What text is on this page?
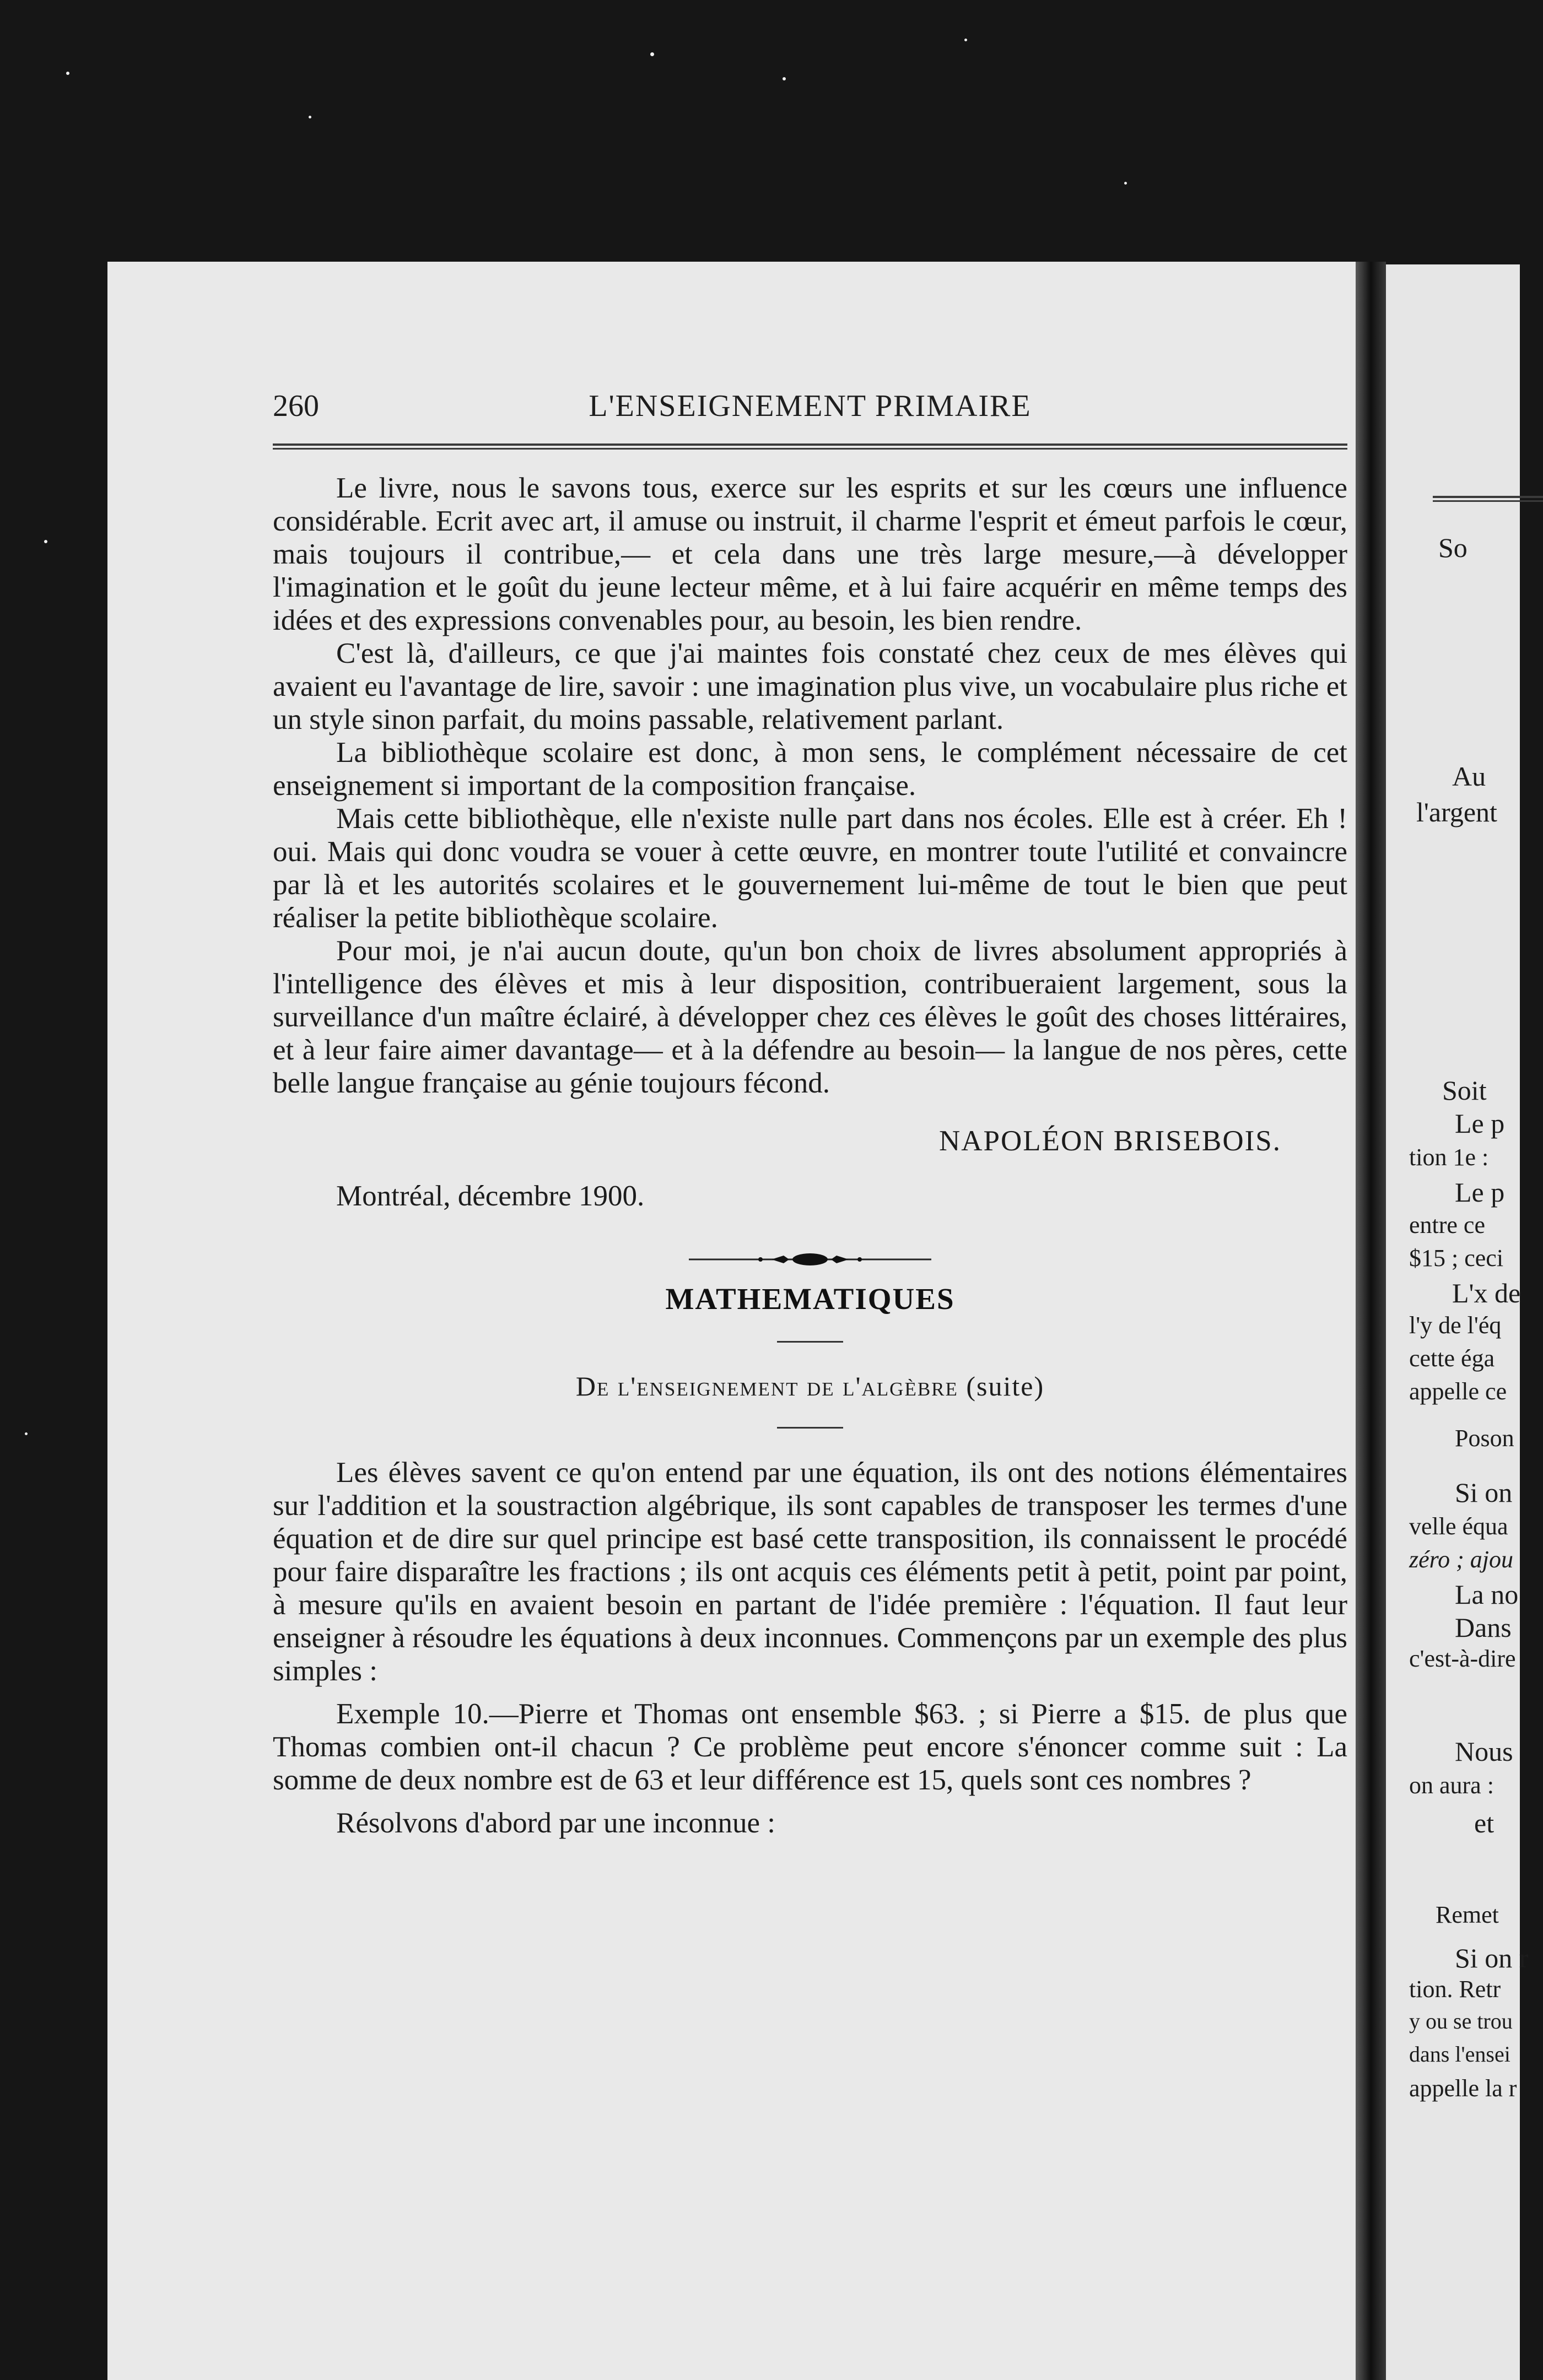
260	L'ENSEIGNEMENT PRIMAIRE

Le livre, nous le savons tous, exerce sur les esprits et sur les cœurs une influence considérable. Ecrit avec art, il amuse ou instruit, il charme l'esprit et émeut parfois le cœur, mais toujours il contribue,— et cela dans une très large mesure,—à développer l'imagination et le goût du jeune lecteur même, et à lui faire acquérir en même temps des idées et des expressions convenables pour, au besoin, les bien rendre.

C'est là, d'ailleurs, ce que j'ai maintes fois constaté chez ceux de mes élèves qui avaient eu l'avantage de lire, savoir : une imagination plus vive, un vocabulaire plus riche et un style sinon parfait, du moins passable, relativement parlant.

La bibliothèque scolaire est donc, à mon sens, le complément nécessaire de cet enseignement si important de la composition française.

Mais cette bibliothèque, elle n'existe nulle part dans nos écoles. Elle est à créer. Eh ! oui. Mais qui donc voudra se vouer à cette œuvre, en montrer toute l'utilité et convaincre par là et les autorités scolaires et le gouvernement lui-même de tout le bien que peut réaliser la petite bibliothèque scolaire.

Pour moi, je n'ai aucun doute, qu'un bon choix de livres absolument appropriés à l'intelligence des élèves et mis à leur disposition, contribueraient largement, sous la surveillance d'un maître éclairé, à développer chez ces élèves le goût des choses littéraires, et à leur faire aimer davantage— et à la défendre au besoin— la langue de nos pères, cette belle langue française au génie toujours fécond.

NAPOLÉON BRISEBOIS.
Montréal, décembre 1900.
MATHEMATIQUES
De l'enseignement de l'algèbre (suite)

Les élèves savent ce qu'on entend par une équation, ils ont des notions élémentaires sur l'addition et la soustraction algébrique, ils sont capables de transposer les termes d'une équation et de dire sur quel principe est basé cette transposition, ils connaissent le procédé pour faire disparaître les fractions ; ils ont acquis ces éléments petit à petit, point par point, à mesure qu'ils en avaient besoin en partant de l'idée première : l'équation. Il faut leur enseigner à résoudre les équations à deux inconnues. Commençons par un exemple des plus simples :

Exemple 10.—Pierre et Thomas ont ensemble $63. ; si Pierre a $15. de plus que Thomas combien ont-il chacun ? Ce problème peut encore s'énoncer comme suit : La somme de deux nombre est de 63 et leur différence est 15, quels sont ces nombres ?

Résolvons d'abord par une inconnue :

So
Au
l'argent
Soit
Le p
tion 1e :
Le p
entre ce
$15 ; ceci
L'x de
l'y de l'éq
cette éga
appelle ce
Poson
Si on
velle équa
zéro ; ajou
La no
Dans
c'est-à-dire
Nous
on aura :
et
Remet
Si on r
tion. Retr
y ou se trou
dans l'ensei
appelle la r
